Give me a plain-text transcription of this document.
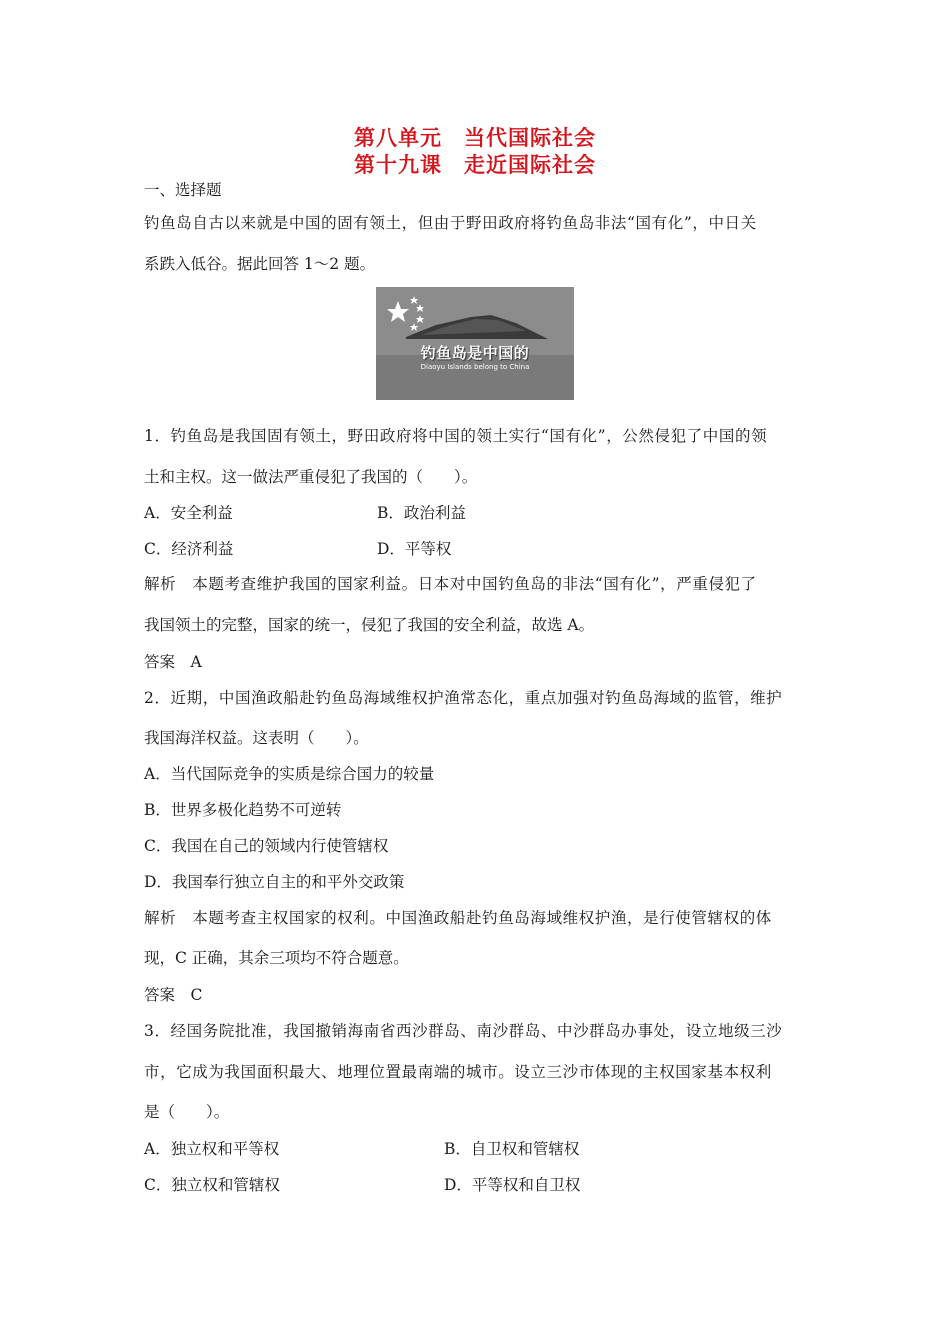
第八单元　当代国际社会
第十九课　走近国际社会
一、选择题
钓鱼岛自古以来就是中国的固有领土，但由于野田政府将钓鱼岛非法“国有化”，中日关
系跌入低谷。据此回答 1～2 题。
钓鱼岛是中国的
Diaoyu Islands belong to China
1．钓鱼岛是我国固有领土，野田政府将中国的领土实行“国有化”，公然侵犯了中国的领
土和主权。这一做法严重侵犯了我国的（　　）。
A．安全利益	B．政治利益
C．经济利益	D．平等权
解析　本题考查维护我国的国家利益。日本对中国钓鱼岛的非法“国有化”，严重侵犯了
我国领土的完整，国家的统一，侵犯了我国的安全利益，故选 A。
答案　A
2．近期，中国渔政船赴钓鱼岛海域维权护渔常态化，重点加强对钓鱼岛海域的监管，维护
我国海洋权益。这表明（　　）。
A．当代国际竞争的实质是综合国力的较量
B．世界多极化趋势不可逆转
C．我国在自己的领域内行使管辖权
D．我国奉行独立自主的和平外交政策
解析　本题考查主权国家的权利。中国渔政船赴钓鱼岛海域维权护渔，是行使管辖权的体
现，C 正确，其余三项均不符合题意。
答案　C
3．经国务院批准，我国撤销海南省西沙群岛、南沙群岛、中沙群岛办事处，设立地级三沙
市，它成为我国面积最大、地理位置最南端的城市。设立三沙市体现的主权国家基本权利
是（　　）。
A．独立权和平等权	B．自卫权和管辖权
C．独立权和管辖权	D．平等权和自卫权
